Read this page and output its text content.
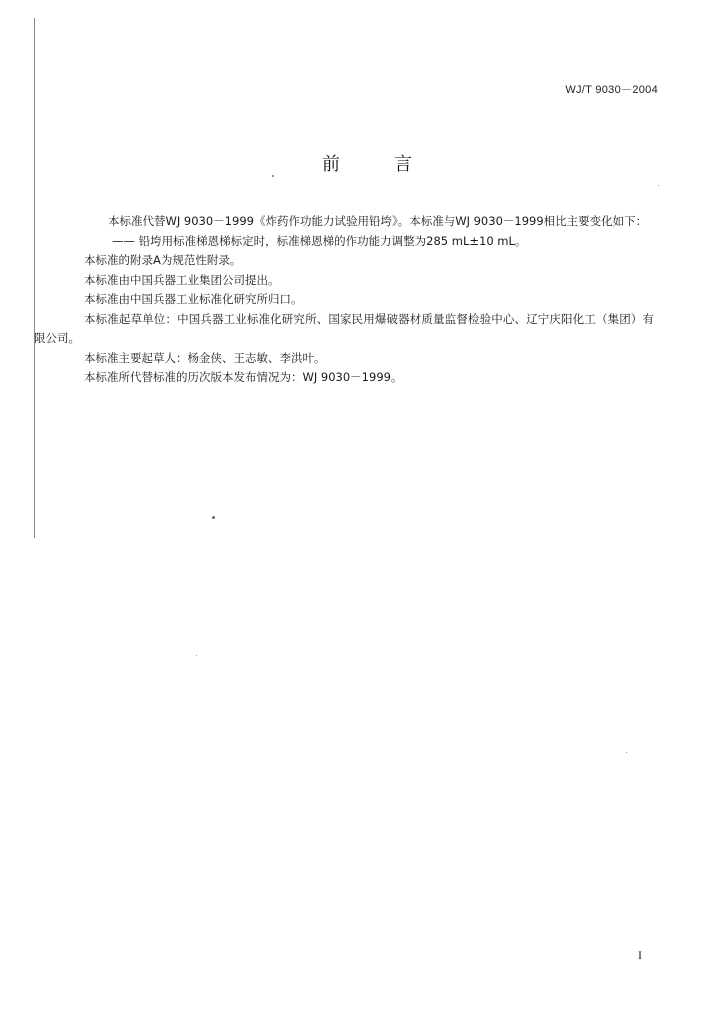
WJ/T 9030－2004
前　言

本标准代替WJ 9030－1999《炸药作功能力试验用铅垮》。本标准与WJ 9030－1999相比主要变化如下：

—— 铅垮用标准梯恩梯标定时，标准梯恩梯的作功能力调整为285 mL±10 mL。

本标准的附录A为规范性附录。

本标准由中国兵器工业集团公司提出。

本标准由中国兵器工业标准化研究所归口。

本标准起草单位：中国兵器工业标准化研究所、国家民用爆破器材质量监督检验中心、辽宁庆阳化工（集团）有限公司。

本标准主要起草人：杨金侠、王志敏、李洪叶。

本标准所代替标准的历次版本发布情况为：WJ 9030－1999。

I
